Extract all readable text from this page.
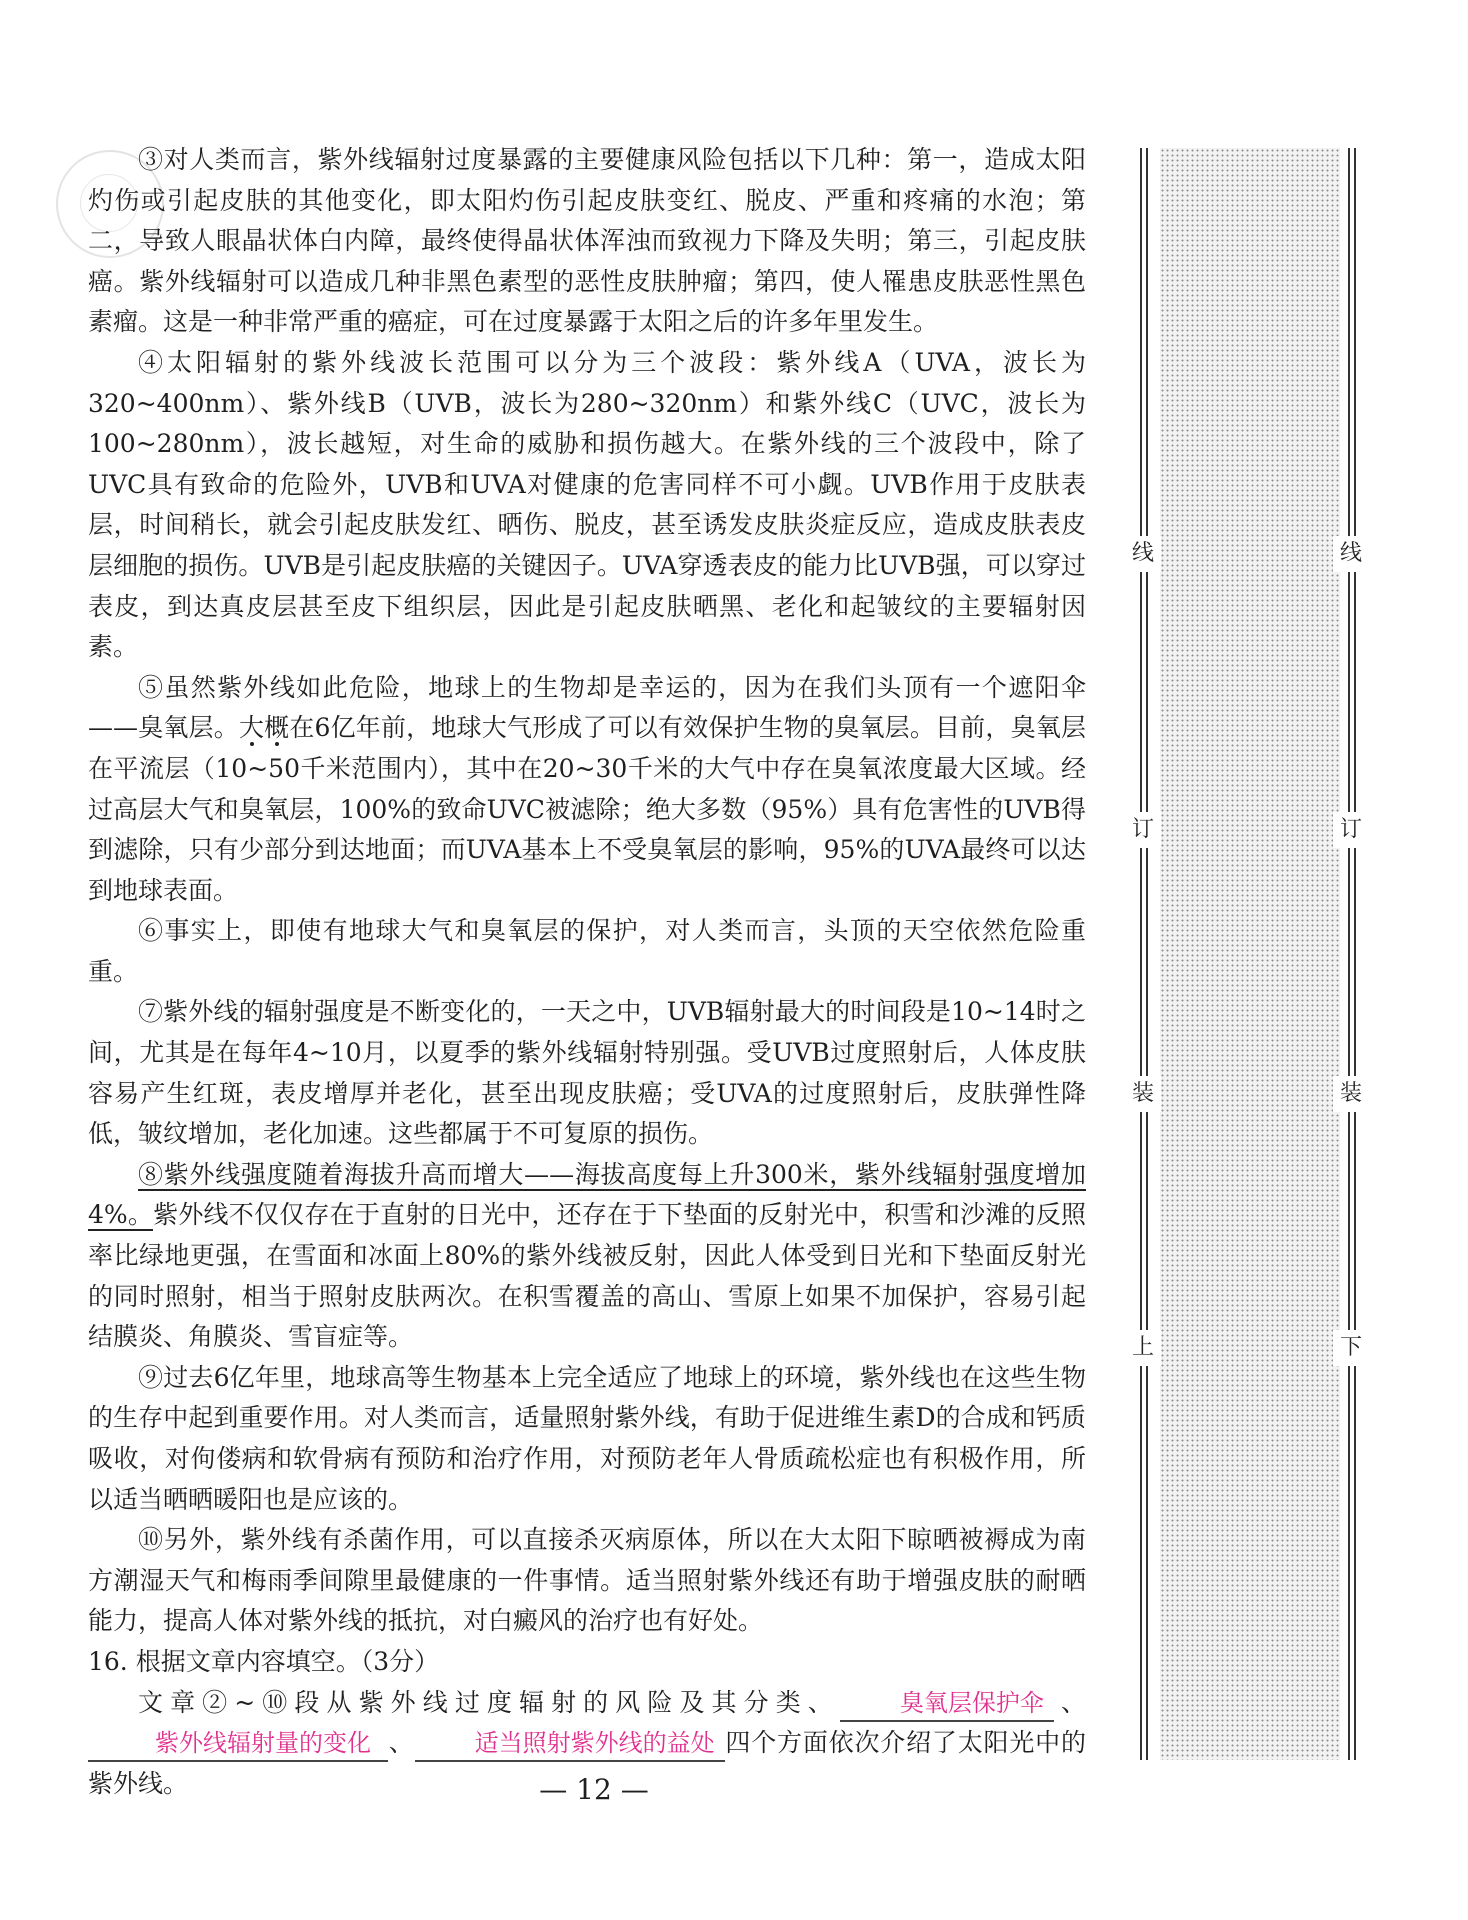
③对人类而言，紫外线辐射过度暴露的主要健康风险包括以下几种：第一，造成太阳灼伤或引起皮肤的其他变化，即太阳灼伤引起皮肤变红、脱皮、严重和疼痛的水泡；第二，导致人眼晶状体白内障，最终使得晶状体浑浊而致视力下降及失明；第三，引起皮肤癌。紫外线辐射可以造成几种非黑色素型的恶性皮肤肿瘤；第四，使人罹患皮肤恶性黑色素瘤。这是一种非常严重的癌症，可在过度暴露于太阳之后的许多年里发生。

④太阳辐射的紫外线波长范围可以分为三个波段：紫外线A（UVA，波长为320~400nm）、紫外线B（UVB，波长为280~320nm）和紫外线C（UVC，波长为100~280nm），波长越短，对生命的威胁和损伤越大。在紫外线的三个波段中，除了UVC具有致命的危险外，UVB和UVA对健康的危害同样不可小觑。UVB作用于皮肤表层，时间稍长，就会引起皮肤发红、晒伤、脱皮，甚至诱发皮肤炎症反应，造成皮肤表皮层细胞的损伤。UVB是引起皮肤癌的关键因子。UVA穿透表皮的能力比UVB强，可以穿过表皮，到达真皮层甚至皮下组织层，因此是引起皮肤晒黑、老化和起皱纹的主要辐射因素。

⑤虽然紫外线如此危险，地球上的生物却是幸运的，因为在我们头顶有一个遮阳伞——臭氧层。大概在6亿年前，地球大气形成了可以有效保护生物的臭氧层。目前，臭氧层在平流层（10~50千米范围内），其中在20~30千米的大气中存在臭氧浓度最大区域。经过高层大气和臭氧层，100%的致命UVC被滤除；绝大多数（95%）具有危害性的UVB得到滤除，只有少部分到达地面；而UVA基本上不受臭氧层的影响，95%的UVA最终可以达到地球表面。

⑥事实上，即使有地球大气和臭氧层的保护，对人类而言，头顶的天空依然危险重重。

⑦紫外线的辐射强度是不断变化的，一天之中，UVB辐射最大的时间段是10~14时之间，尤其是在每年4~10月，以夏季的紫外线辐射特别强。受UVB过度照射后，人体皮肤容易产生红斑，表皮增厚并老化，甚至出现皮肤癌；受UVA的过度照射后，皮肤弹性降低，皱纹增加，老化加速。这些都属于不可复原的损伤。

⑧紫外线强度随着海拔升高而增大——海拔高度每上升300米，紫外线辐射强度增加4%。紫外线不仅仅存在于直射的日光中，还存在于下垫面的反射光中，积雪和沙滩的反照率比绿地更强，在雪面和冰面上80%的紫外线被反射，因此人体受到日光和下垫面反射光的同时照射，相当于照射皮肤两次。在积雪覆盖的高山、雪原上如果不加保护，容易引起结膜炎、角膜炎、雪盲症等。

⑨过去6亿年里，地球高等生物基本上完全适应了地球上的环境，紫外线也在这些生物的生存中起到重要作用。对人类而言，适量照射紫外线，有助于促进维生素D的合成和钙质吸收，对佝偻病和软骨病有预防和治疗作用，对预防老年人骨质疏松症也有积极作用，所以适当晒晒暖阳也是应该的。

⑩另外，紫外线有杀菌作用，可以直接杀灭病原体，所以在大太阳下晾晒被褥成为南方潮湿天气和梅雨季间隙里最健康的一件事情。适当照射紫外线还有助于增强皮肤的耐晒能力，提高人体对紫外线的抵抗，对白癜风的治疗也有好处。

16. 根据文章内容填空。（3分）

文章②~⑩段从紫外线过度辐射的风险及其分类、	臭氧层保护伞 、紫外线辐射量的变化 、	适当照射紫外线的益处 四个方面依次介绍了太阳光中的紫外线。	— 12 —
线
订
装
上
线
订
装
下
